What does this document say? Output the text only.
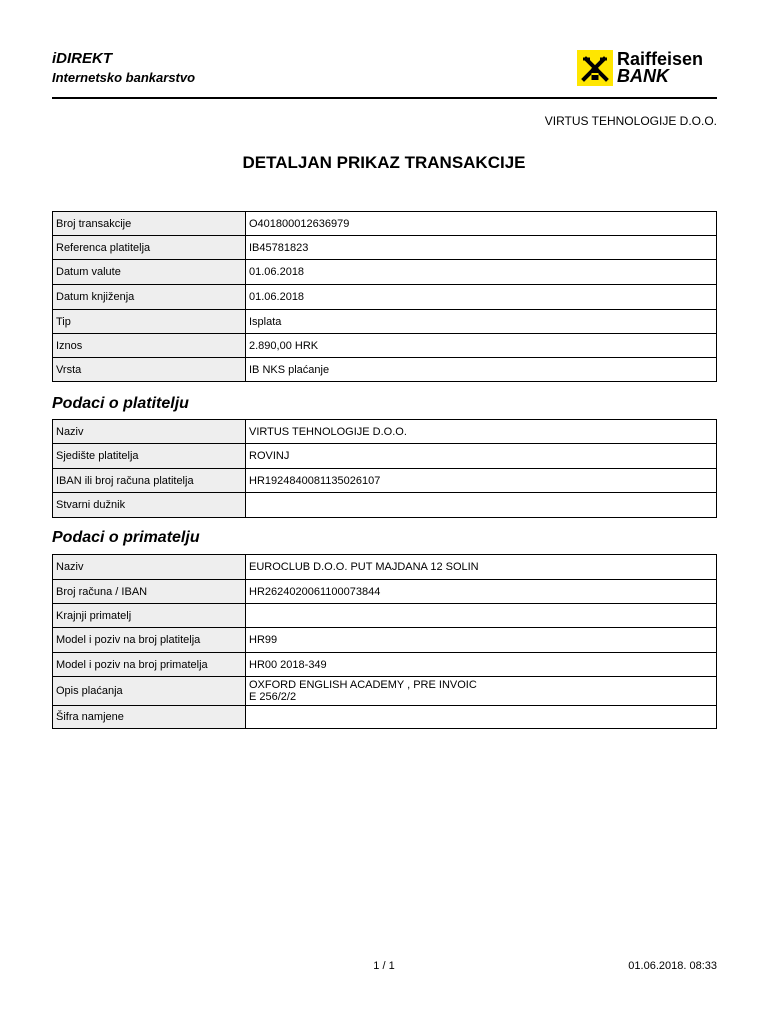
iDIREKT
Internetsko bankarstvo
Raiffeisen
BANK
VIRTUS TEHNOLOGIJE D.O.O.
DETALJAN PRIKAZ TRANSAKCIJE
Broj transakcije	O401800012636979
Referenca platitelja	IB45781823
Datum valute	01.06.2018
Datum knjiženja	01.06.2018
Tip	Isplata
Iznos	2.890,00 HRK
Vrsta	IB NKS plaćanje
Podaci o platitelju
Naziv	VIRTUS TEHNOLOGIJE D.O.O.
Sjedište platitelja	ROVINJ
IBAN ili broj računa platitelja	HR1924840081135026107
Stvarni dužnik	
Podaci o primatelju
Naziv	EUROCLUB D.O.O. PUT MAJDANA 12 SOLIN
Broj računa / IBAN	HR2624020061100073844
Krajnji primatelj	
Model i poziv na broj platitelja	HR99
Model i poziv na broj primatelja	HR00 2018-349
Opis plaćanja	OXFORD ENGLISH ACADEMY , PRE INVOIC
E 256/2/2

Šifra namjene	
1 / 1	01.06.2018. 08:33
